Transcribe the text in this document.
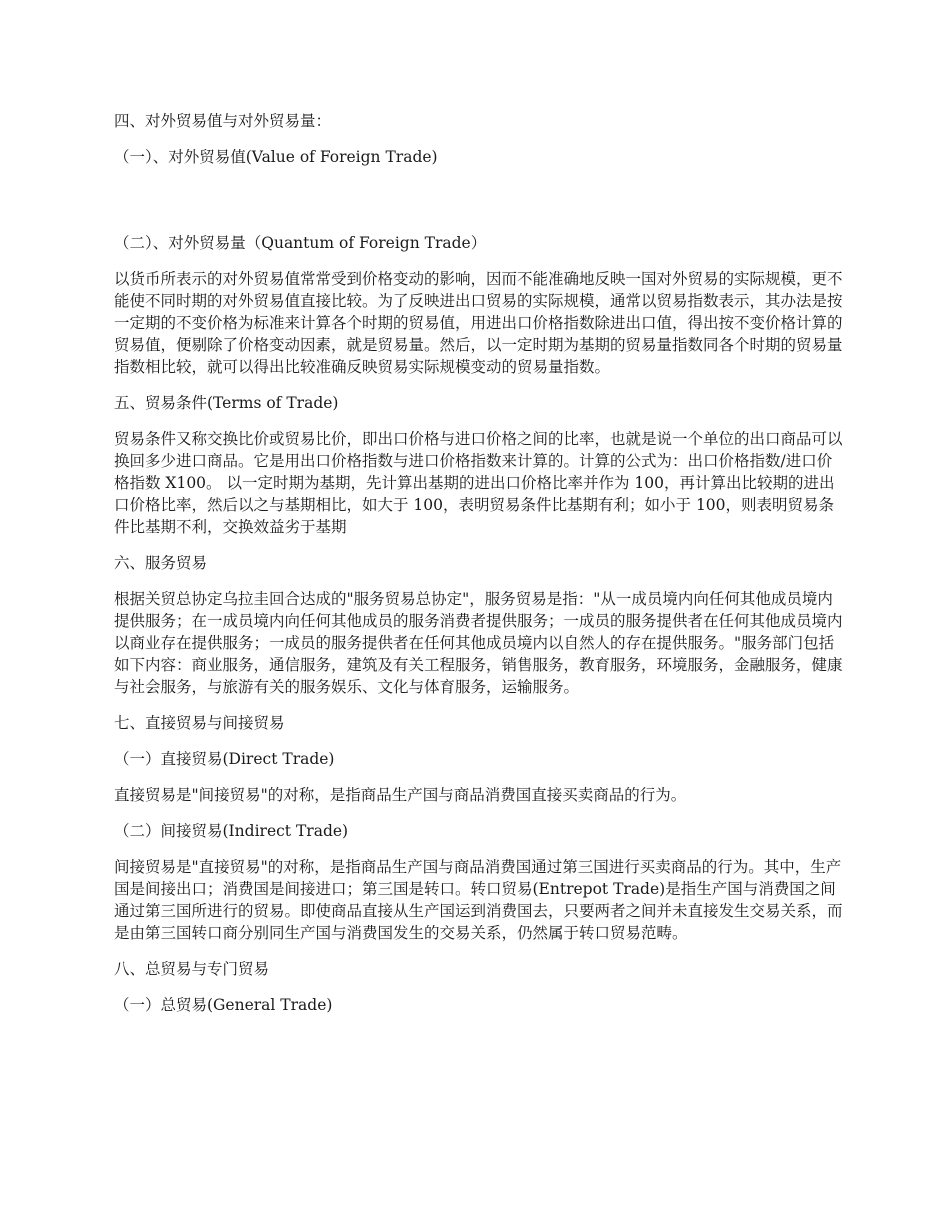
四、对外贸易值与对外贸易量：
（一）、对外贸易值(Value of Foreign Trade)
（二）、对外贸易量（Quantum of Foreign Trade）
以货币所表示的对外贸易值常常受到价格变动的影响，因而不能准确地反映一国对外贸易的实际规模，更不能使不同时期的对外贸易值直接比较。为了反映进出口贸易的实际规模，通常以贸易指数表示，其办法是按一定期的不变价格为标准来计算各个时期的贸易值，用进出口价格指数除进出口值，得出按不变价格计算的贸易值，便剔除了价格变动因素，就是贸易量。然后，以一定时期为基期的贸易量指数同各个时期的贸易量指数相比较，就可以得出比较准确反映贸易实际规模变动的贸易量指数。
五、贸易条件(Terms of Trade)
贸易条件又称交换比价或贸易比价，即出口价格与进口价格之间的比率，也就是说一个单位的出口商品可以换回多少进口商品。它是用出口价格指数与进口价格指数来计算的。计算的公式为：出口价格指数/进口价格指数 X100。 以一定时期为基期，先计算出基期的进出口价格比率并作为 100，再计算出比较期的进出口价格比率，然后以之与基期相比，如大于 100，表明贸易条件比基期有利；如小于 100，则表明贸易条件比基期不利，交换效益劣于基期
六、服务贸易
根据关贸总协定乌拉圭回合达成的"服务贸易总协定"，服务贸易是指："从一成员境内向任何其他成员境内提供服务；在一成员境内向任何其他成员的服务消费者提供服务；一成员的服务提供者在任何其他成员境内以商业存在提供服务；一成员的服务提供者在任何其他成员境内以自然人的存在提供服务。"服务部门包括如下内容：商业服务，通信服务，建筑及有关工程服务，销售服务，教育服务，环境服务，金融服务，健康与社会服务，与旅游有关的服务娱乐、文化与体育服务，运输服务。
七、直接贸易与间接贸易
（一）直接贸易(Direct Trade)
直接贸易是"间接贸易"的对称，是指商品生产国与商品消费国直接买卖商品的行为。
（二）间接贸易(Indirect Trade)
间接贸易是"直接贸易"的对称，是指商品生产国与商品消费国通过第三国进行买卖商品的行为。其中，生产国是间接出口；消费国是间接进口；第三国是转口。转口贸易(Entrepot Trade)是指生产国与消费国之间通过第三国所进行的贸易。即使商品直接从生产国运到消费国去，只要两者之间并未直接发生交易关系，而是由第三国转口商分别同生产国与消费国发生的交易关系，仍然属于转口贸易范畴。
八、总贸易与专门贸易
（一）总贸易(General Trade)
